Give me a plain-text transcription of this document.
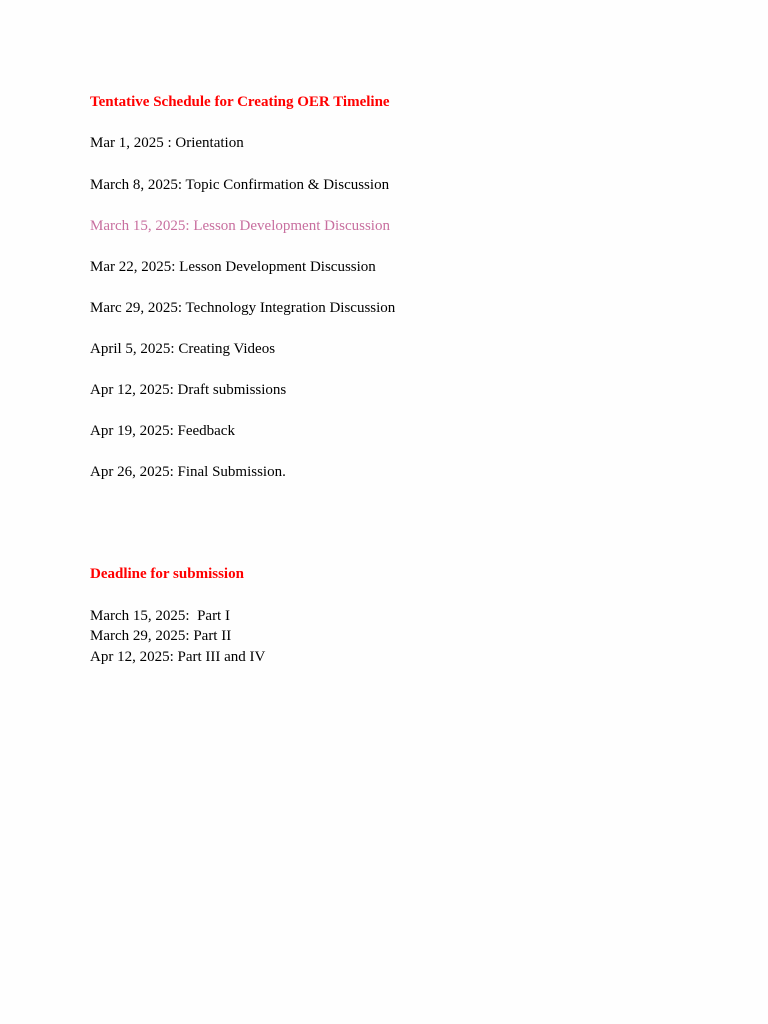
Tentative Schedule for Creating OER Timeline
Mar 1, 2025 : Orientation
March 8, 2025: Topic Confirmation & Discussion
March 15, 2025: Lesson Development Discussion
Mar 22, 2025: Lesson Development Discussion
Marc 29, 2025: Technology Integration Discussion
April 5, 2025: Creating Videos
Apr 12, 2025: Draft submissions
Apr 19, 2025: Feedback
Apr 26, 2025: Final Submission.
Deadline for submission
March 15, 2025:  Part I
March 29, 2025: Part II
Apr 12, 2025: Part III and IV
